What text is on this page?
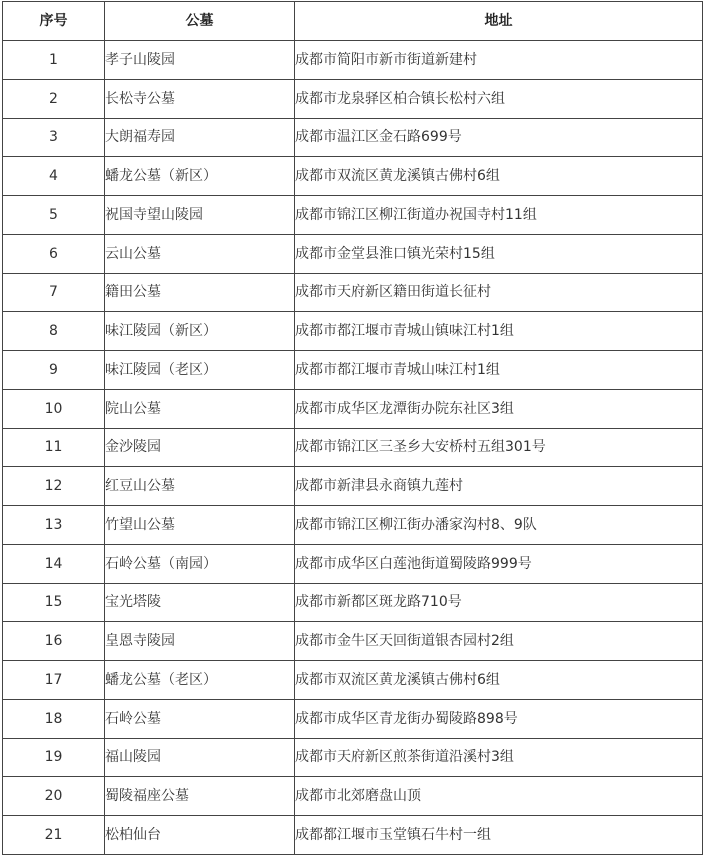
序号	公墓	地址
1	孝子山陵园	成都市简阳市新市街道新建村
2	长松寺公墓	成都市龙泉驿区柏合镇长松村六组
3	大朗福寿园	成都市温江区金石路699号
4	蟠龙公墓（新区）	成都市双流区黄龙溪镇古佛村6组
5	祝国寺望山陵园	成都市锦江区柳江街道办祝国寺村11组
6	云山公墓	成都市金堂县淮口镇光荣村15组
7	籍田公墓	成都市天府新区籍田街道长征村
8	味江陵园（新区）	成都市都江堰市青城山镇味江村1组
9	味江陵园（老区）	成都市都江堰市青城山味江村1组
10	院山公墓	成都市成华区龙潭街办院东社区3组
11	金沙陵园	成都市锦江区三圣乡大安桥村五组301号
12	红豆山公墓	成都市新津县永商镇九莲村
13	竹望山公墓	成都市锦江区柳江街办潘家沟村8、9队
14	石岭公墓（南园）	成都市成华区白莲池街道蜀陵路999号
15	宝光塔陵	成都市新都区斑龙路710号
16	皇恩寺陵园	成都市金牛区天回街道银杏园村2组
17	蟠龙公墓（老区）	成都市双流区黄龙溪镇古佛村6组
18	石岭公墓	成都市成华区青龙街办蜀陵路898号
19	福山陵园	成都市天府新区煎茶街道沿溪村3组
20	蜀陵福座公墓	成都市北郊磨盘山顶
21	松柏仙台	成都都江堰市玉堂镇石牛村一组
